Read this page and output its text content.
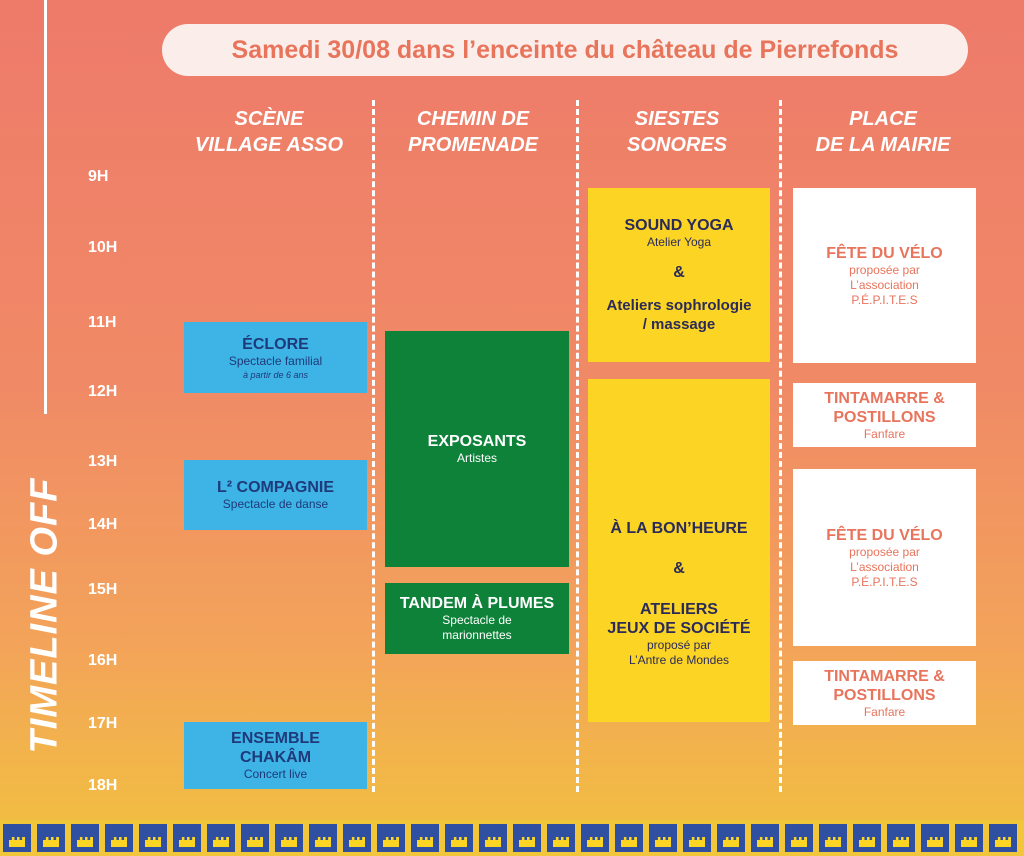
Samedi 30/08 dans l’enceinte du château de Pierrefonds
TIMELINE OFF
SCÈNE
VILLAGE ASSO
CHEMIN DE
PROMENADE
SIESTES
SONORES
PLACE
DE LA MAIRIE
9H
10H
11H
12H
13H
14H
15H
16H
17H
18H
ÉCLORE
Spectacle familial
à partir de 6 ans
L² COMPAGNIE
Spectacle de danse
ENSEMBLE
CHAKÂM
Concert live
EXPOSANTS
Artistes
TANDEM À PLUMES
Spectacle de
marionnettes
SOUND YOGA
Atelier Yoga
&
Ateliers sophrologie
/ massage
À LA BON’HEURE
&
ATELIERS
JEUX DE SOCIÉTÉ
proposé par
L’Antre de Mondes
FÊTE DU VÉLO
proposée par
L’association
P.É.P.I.T.E.S
TINTAMARRE &
POSTILLONS
Fanfare
FÊTE DU VÉLO
proposée par
L’association
P.É.P.I.T.E.S
TINTAMARRE &
POSTILLONS
Fanfare
